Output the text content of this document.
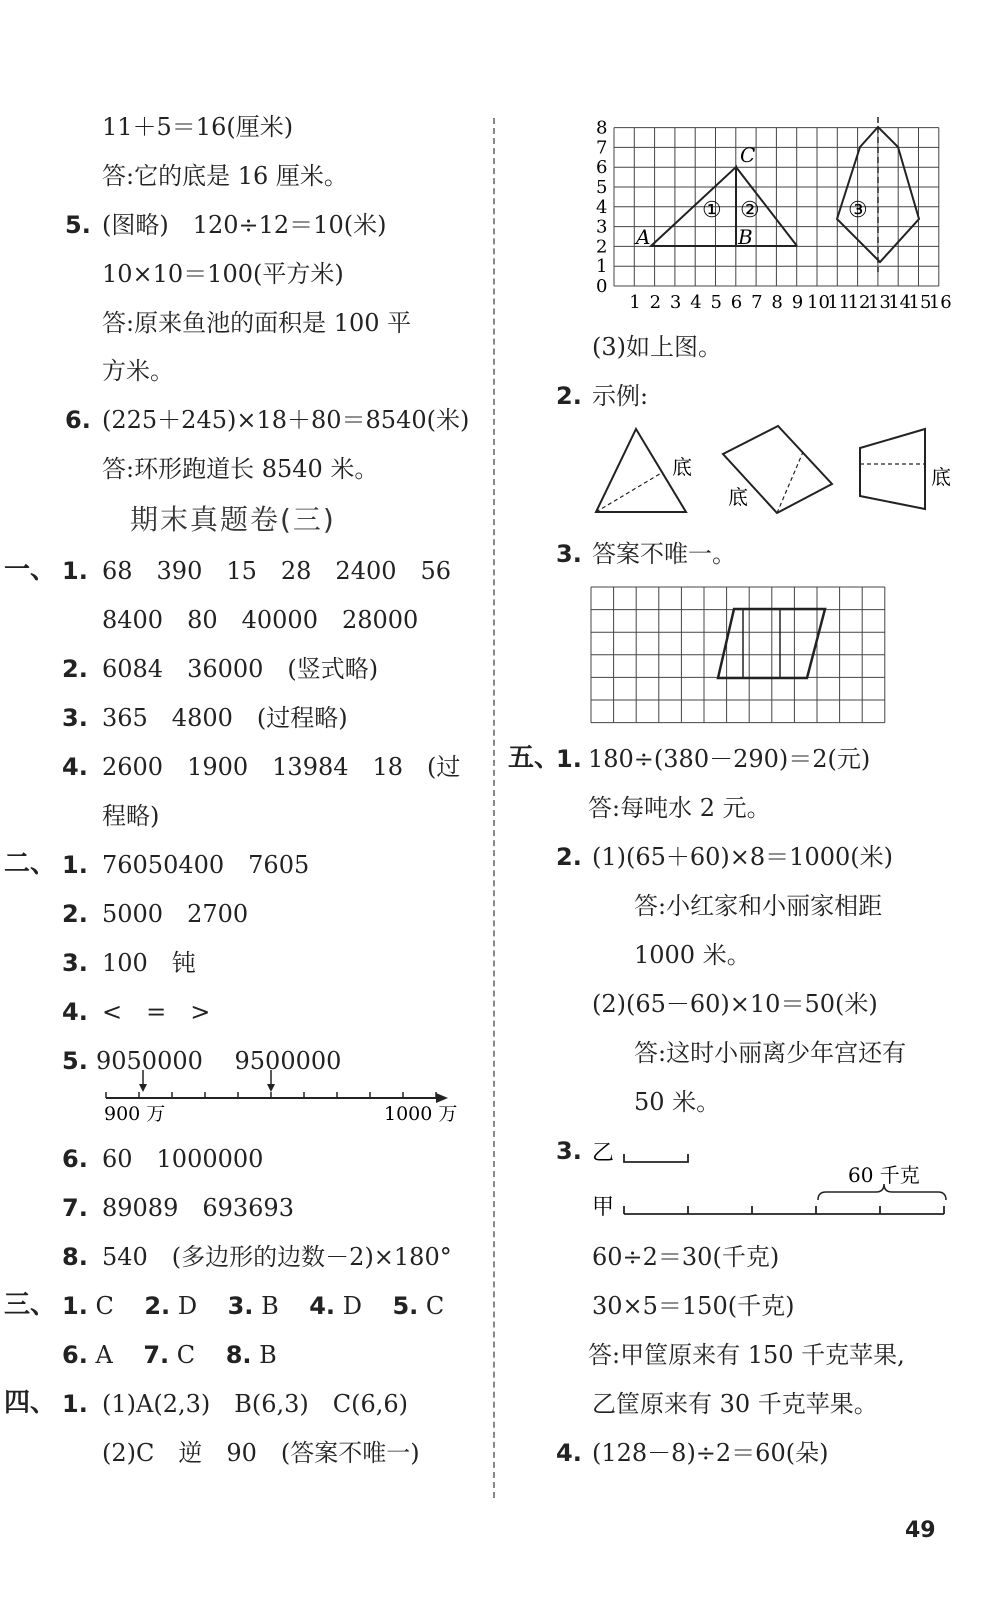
11＋5＝16(厘米)
答:它的底是 16 厘米。
5. (图略)　120÷12＝10(米)
10×10＝100(平方米)
答:原来鱼池的面积是 100 平
方米。
6. (225＋245)×18＋80＝8540(米)
答:环形跑道长 8540 米。
期末真题卷(三)
一、 1. 68　390　15　28　2400　56
8400　80　40000　28000
2. 6084　36000　(竖式略)
3. 365　4800　(过程略)
4. 2600　1900　13984　18　(过
程略)
二、 1. 76050400　7605
2. 5000　2700
3. 100　钝
4. <　=　>
5. 9050000　 9500000
900 万	1000 万
6. 60　1000000
7. 89089　693693
8. 540　(多边形的边数－2)×180°
三、 1. C 2. D 3. B 4. D 5. C
6. A 7. C 8. B
四、 1. (1)A(2,3)　B(6,3)　C(6,6)
(2)C　逆　90　(答案不唯一)
8
7
6
5
4
3
2
1
0
1 2 3 4 5 6 7 8 9 10
11
12
13
14
15
16
A	B
C
① ②	③
(3)如上图。
2. 示例:
底
底
底
3. 答案不唯一。
五、
1. 180÷(380－290)＝2(元)
答:每吨水 2 元。
2. (1)(65＋60)×8＝1000(米)
答:小红家和小丽家相距
1000 米。
(2)(65－60)×10＝50(米)
答:这时小丽离少年宫还有
50 米。
3. 乙
甲
60 千克
60÷2＝30(千克)
30×5＝150(千克)
答:甲筐原来有 150 千克苹果,
乙筐原来有 30 千克苹果。
4. (128－8)÷2＝60(朵)
49
